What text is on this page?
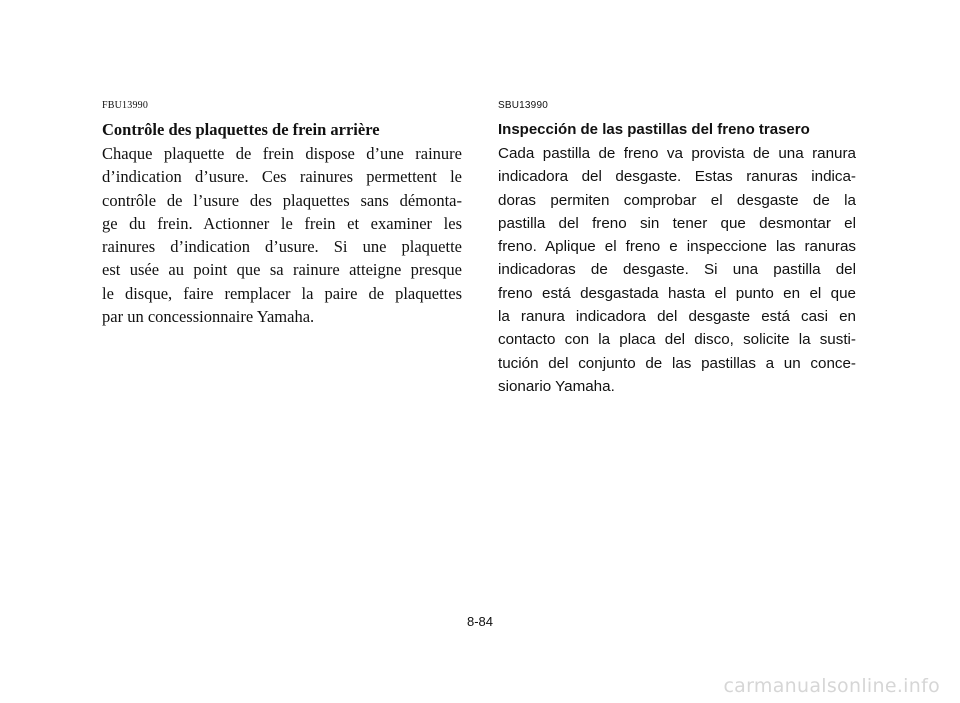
FBU13990
Contrôle des plaquettes de frein arrière
Chaque plaquette de frein dispose d’une rainure
d’indication d’usure. Ces rainures permettent le
contrôle de l’usure des plaquettes sans démonta-
ge du frein. Actionner le frein et examiner les
rainures d’indication d’usure. Si une plaquette
est usée au point que sa rainure atteigne presque
le disque, faire remplacer la paire de plaquettes
par un concessionnaire Yamaha.
SBU13990
Inspección de las pastillas del freno trasero
Cada pastilla de freno va provista de una ranura
indicadora del desgaste. Estas ranuras indica-
doras permiten comprobar el desgaste de la
pastilla del freno sin tener que desmontar el
freno. Aplique el freno e inspeccione las ranuras
indicadoras de desgaste. Si una pastilla del
freno está desgastada hasta el punto en el que
la ranura indicadora del desgaste está casi en
contacto con la placa del disco, solicite la susti-
tución del conjunto de las pastillas a un conce-
sionario Yamaha.
8-84
carmanualsonline.info
